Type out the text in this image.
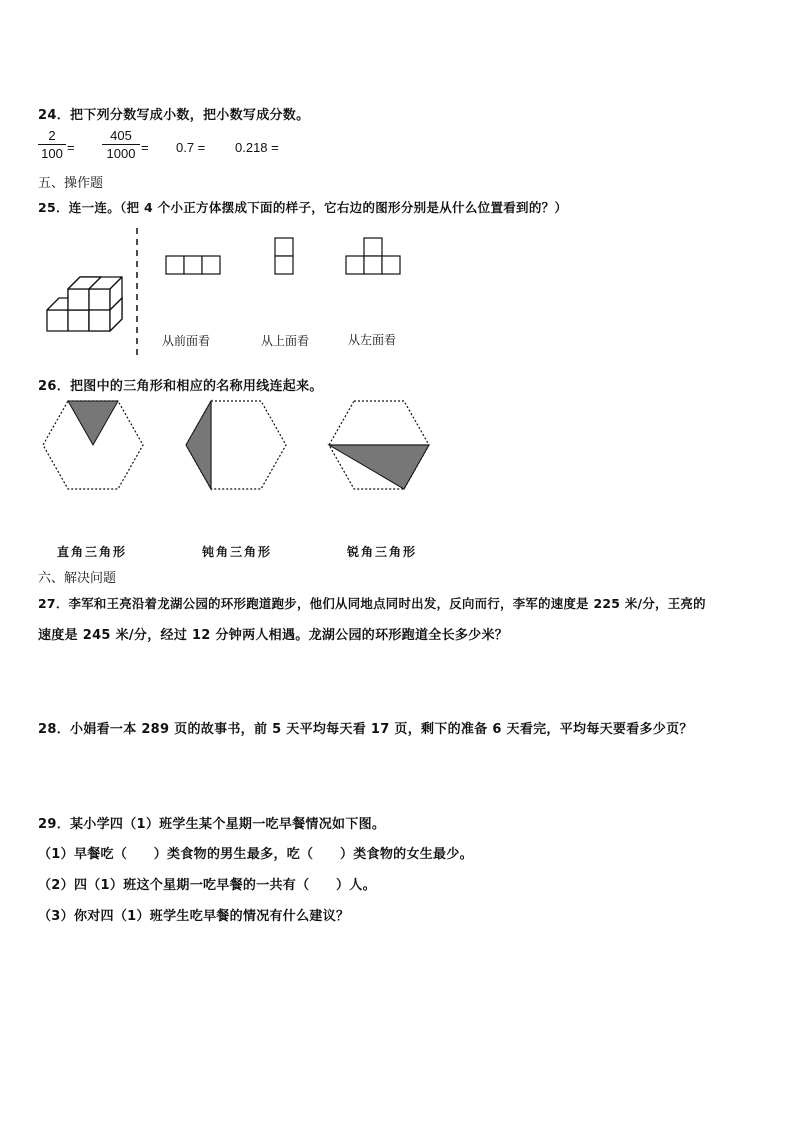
24．把下列分数写成小数，把小数写成分数。
2
100 =
405
1000 = 0.7 = 0.218 =
五、操作题
25．连一连。（把 4 个小正方体摆成下面的样子，它右边的图形分别是从什么位置看到的？）
从前面看	从上面看	从左面看
26．把图中的三角形和相应的名称用线连起来。
直角三角形	钝角三角形	锐角三角形
六、解决问题
27．李军和王亮沿着龙湖公园的环形跑道跑步，他们从同地点同时出发，反向而行，李军的速度是 225 米/分，王亮的
速度是 245 米/分，经过 12 分钟两人相遇。龙湖公园的环形跑道全长多少米？
28．小娟看一本 289 页的故事书，前 5 天平均每天看 17 页，剩下的准备 6 天看完，平均每天要看多少页？
29．某小学四（1）班学生某个星期一吃早餐情况如下图。
（1）早餐吃（　　）类食物的男生最多，吃（　　）类食物的女生最少。
（2）四（1）班这个星期一吃早餐的一共有（　　）人。
（3）你对四（1）班学生吃早餐的情况有什么建议？
